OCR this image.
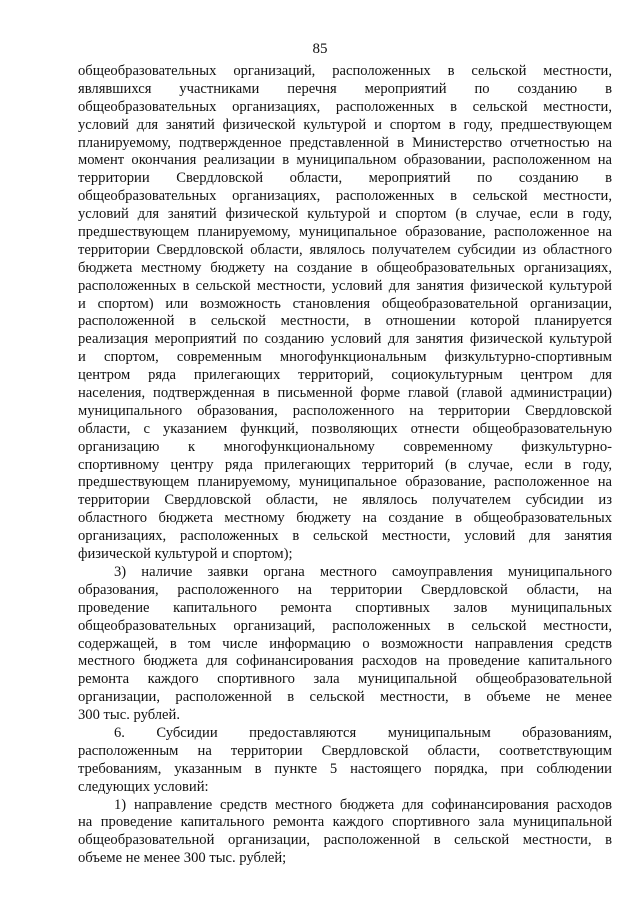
85
общеобразовательных организаций, расположенных в сельской местности,
являвшихся участниками перечня мероприятий по созданию в
общеобразовательных организациях, расположенных в сельской местности,
условий для занятий физической культурой и спортом в году, предшествующем
планируемому, подтвержденное представленной в Министерство отчетностью на
момент окончания реализации в муниципальном образовании, расположенном на
территории Свердловской области, мероприятий по созданию в
общеобразовательных организациях, расположенных в сельской местности,
условий для занятий физической культурой и спортом (в случае, если в году,
предшествующем планируемому, муниципальное образование, расположенное на
территории Свердловской области, являлось получателем субсидии из областного
бюджета местному бюджету на создание в общеобразовательных организациях,
расположенных в сельской местности, условий для занятия физической культурой
и спортом) или возможность становления общеобразовательной организации,
расположенной в сельской местности, в отношении которой планируется
реализация мероприятий по созданию условий для занятия физической культурой
и спортом, современным многофункциональным физкультурно-спортивным
центром ряда прилегающих территорий, социокультурным центром для
населения, подтвержденная в письменной форме главой (главой администрации)
муниципального образования, расположенного на территории Свердловской
области, с указанием функций, позволяющих отнести общеобразовательную
организацию к многофункциональному современному физкультурно-
спортивному центру ряда прилегающих территорий (в случае, если в году,
предшествующем планируемому, муниципальное образование, расположенное на
территории Свердловской области, не являлось получателем субсидии из
областного бюджета местному бюджету на создание в общеобразовательных
организациях, расположенных в сельской местности, условий для занятия
физической культурой и спортом);
3) наличие заявки органа местного самоуправления муниципального
образования, расположенного на территории Свердловской области, на
проведение капитального ремонта спортивных залов муниципальных
общеобразовательных организаций, расположенных в сельской местности,
содержащей, в том числе информацию о возможности направления средств
местного бюджета для софинансирования расходов на проведение капитального
ремонта каждого спортивного зала муниципальной общеобразовательной
организации, расположенной в сельской местности, в объеме не менее
300 тыс. рублей.
6. Субсидии предоставляются муниципальным образованиям,
расположенным на территории Свердловской области, соответствующим
требованиям, указанным в пункте 5 настоящего порядка, при соблюдении
следующих условий:
1) направление средств местного бюджета для софинансирования расходов
на проведение капитального ремонта каждого спортивного зала муниципальной
общеобразовательной организации, расположенной в сельской местности, в
объеме не менее 300 тыс. рублей;
